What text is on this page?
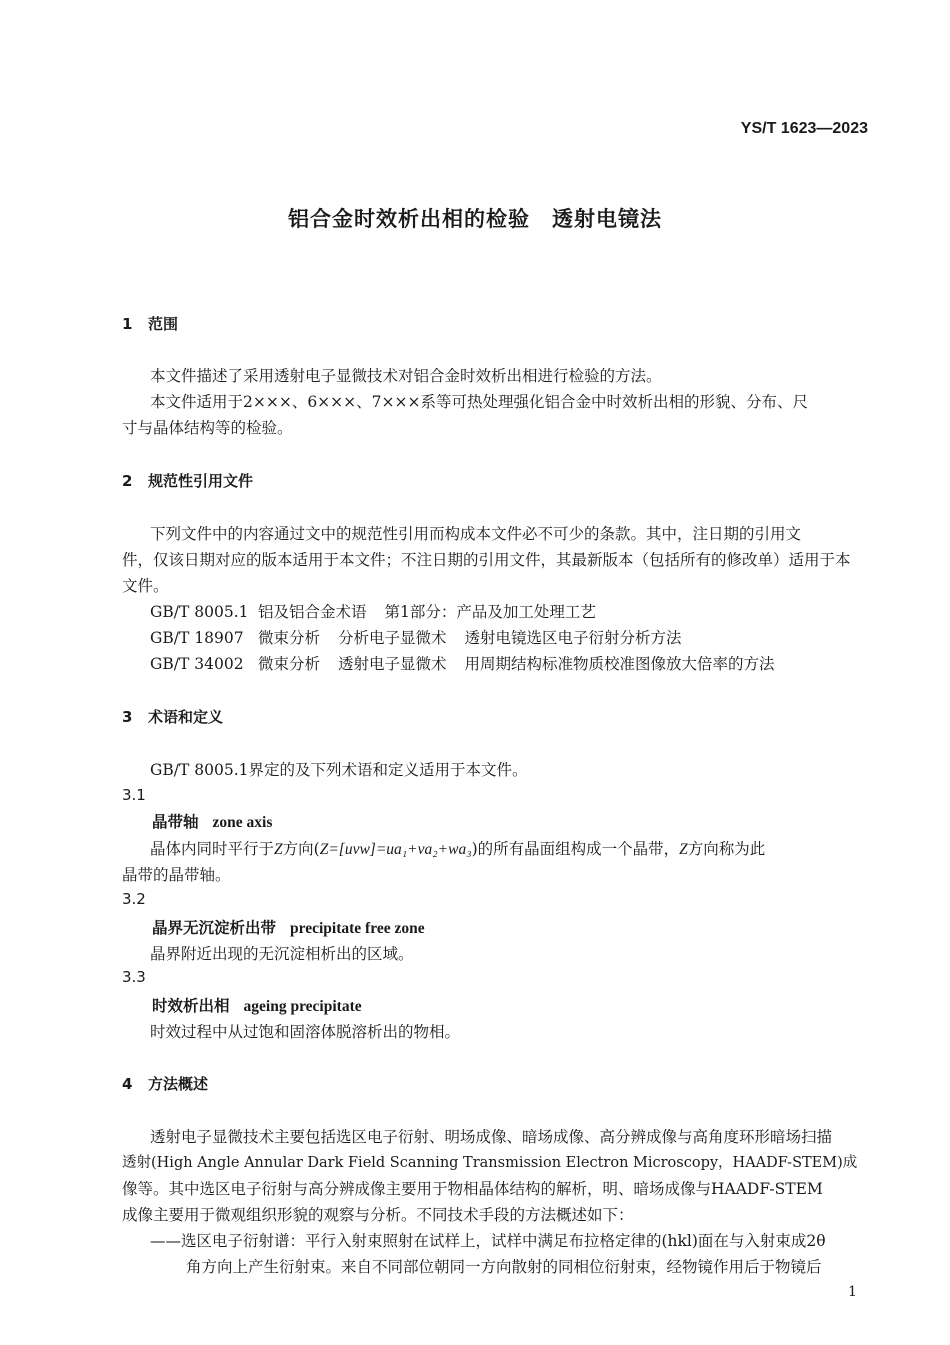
YS/T 1623—2023
铝合金时效析出相的检验　透射电镜法
1 范围
本文件描述了采用透射电子显微技术对铝合金时效析出相进行检验的方法。
本文件适用于2×××、6×××、7×××系等可热处理强化铝合金中时效析出相的形貌、分布、尺
寸与晶体结构等的检验。
2 规范性引用文件
下列文件中的内容通过文中的规范性引用而构成本文件必不可少的条款。其中，注日期的引用文
件，仅该日期对应的版本适用于本文件；不注日期的引用文件，其最新版本（包括所有的修改单）适用于本
文件。
GB/T 8005.1 铝及铝合金术语 第1部分：产品及加工处理工艺
GB/T 18907 微束分析 分析电子显微术 透射电镜选区电子衍射分析方法
GB/T 34002 微束分析 透射电子显微术 用周期结构标准物质校准图像放大倍率的方法
3 术语和定义
GB/T 8005.1界定的及下列术语和定义适用于本文件。
3.1
晶带轴 zone axis
晶体内同时平行于Z方向(Z=[uvw]=ua₁+va₂+wa₃)的所有晶面组构成一个晶带，Z方向称为此
晶带的晶带轴。
3.2
晶界无沉淀析出带 precipitate free zone
晶界附近出现的无沉淀相析出的区域。
3.3
时效析出相 ageing precipitate
时效过程中从过饱和固溶体脱溶析出的物相。
4 方法概述
透射电子显微技术主要包括选区电子衍射、明场成像、暗场成像、高分辨成像与高角度环形暗场扫描
透射(High Angle Annular Dark Field Scanning Transmission Electron Microscopy，HAADF-STEM)成
像等。其中选区电子衍射与高分辨成像主要用于物相晶体结构的解析，明、暗场成像与HAADF-STEM
成像主要用于微观组织形貌的观察与分析。不同技术手段的方法概述如下：
——选区电子衍射谱：平行入射束照射在试样上，试样中满足布拉格定律的(hkl)面在与入射束成2θ
角方向上产生衍射束。来自不同部位朝同一方向散射的同相位衍射束，经物镜作用后于物镜后
1
